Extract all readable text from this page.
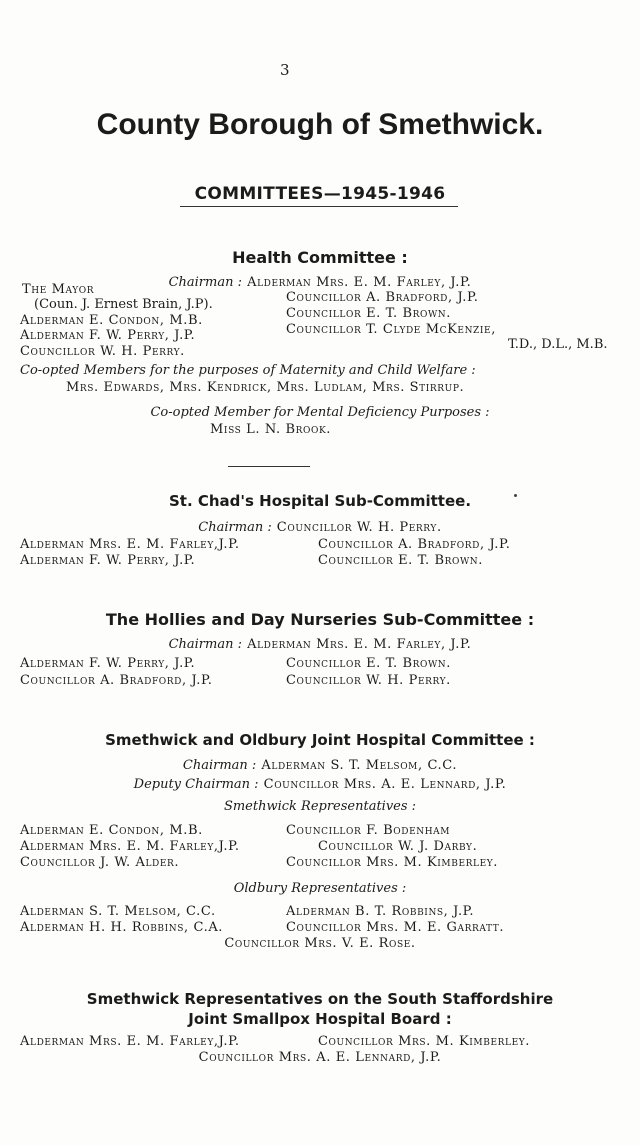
3
County Borough of Smethwick.
COMMITTEES—1945-1946
Health Committee :
Chairman : Alderman Mrs. E. M. Farley, J.P.
The Mayor
(Coun. J. Ernest Brain, J.P).
Alderman E. Condon, M.B.
Alderman F. W. Perry, J.P.
Councillor W. H. Perry.
Councillor A. Bradford, J.P.
Councillor E. T. Brown.
Councillor T. Clyde McKenzie,
T.D., D.L., M.B.
Co-opted Members for the purposes of Maternity and Child Welfare :
Mrs. Edwards, Mrs. Kendrick, Mrs. Ludlam, Mrs. Stirrup.
Co-opted Member for Mental Deficiency Purposes :
Miss L. N. Brook.
St. Chad's Hospital Sub-Committee.
Chairman : Councillor W. H. Perry.
Alderman Mrs. E. M. Farley,J.P.
Alderman F. W. Perry, J.P.
Councillor A. Bradford, J.P.
Councillor E. T. Brown.
The Hollies and Day Nurseries Sub-Committee :
Chairman : Alderman Mrs. E. M. Farley, J.P.
Alderman F. W. Perry, J.P.
Councillor A. Bradford, J.P.
Councillor E. T. Brown.
Councillor W. H. Perry.
Smethwick and Oldbury Joint Hospital Committee :
Chairman : Alderman S. T. Melsom, C.C.
Deputy Chairman : Councillor Mrs. A. E. Lennard, J.P.
Smethwick Representatives :
Alderman E. Condon, M.B.
Alderman Mrs. E. M. Farley,J.P.
Councillor J. W. Alder.
Councillor F. Bodenham
Councillor W. J. Darby.
Councillor Mrs. M. Kimberley.
Oldbury Representatives :
Alderman S. T. Melsom, C.C.
Alderman H. H. Robbins, C.A.
Alderman B. T. Robbins, J.P.
Councillor Mrs. M. E. Garratt.
Councillor Mrs. V. E. Rose.
Smethwick Representatives on the South Staffordshire
Joint Smallpox Hospital Board :
Alderman Mrs. E. M. Farley,J.P.	Councillor Mrs. M. Kimberley.
Councillor Mrs. A. E. Lennard, J.P.
